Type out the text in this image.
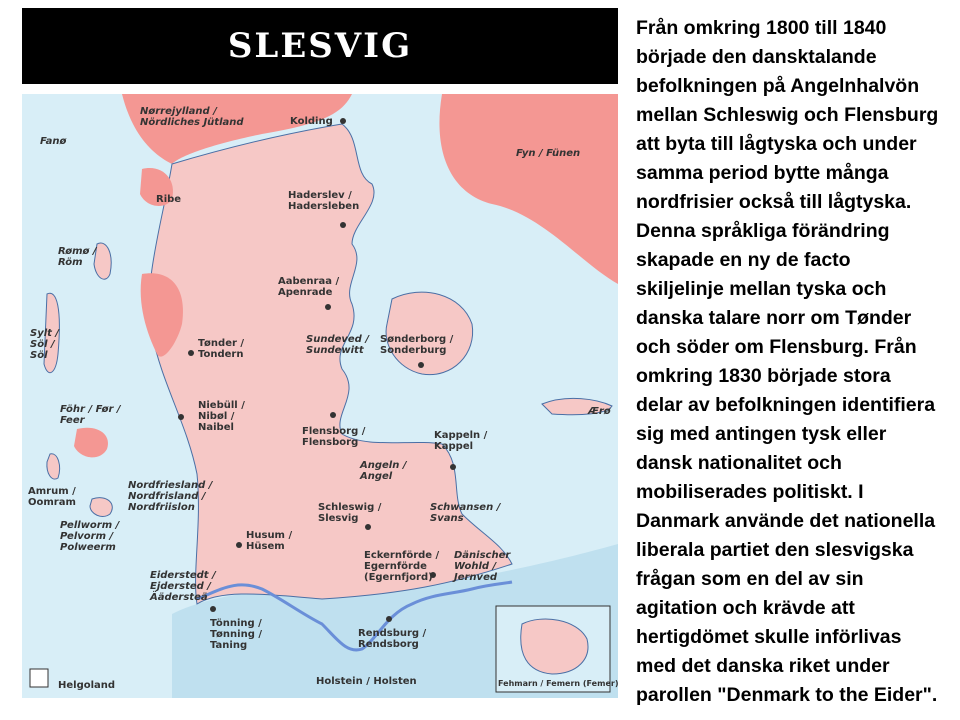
SLESVIG
Nørrejylland /
Nördliches Jütland	Kolding
Fanø
Fyn / Fünen
Ribe	Haderslev /
Hadersleben
Rømø /
Röm
Aabenraa /
Apenrade
Sylt /
Söl /
Söl
Sundeved /
Sundewitt
Sønderborg /
Sonderburg
Tønder /
Tondern
Niebüll /
Nibøl /
Naibel
Ærø
Föhr / Før /
Feer
Flensborg /
Flensborg
Kappeln /
Kappel
Angeln /
Angel
Amrum /
Oomram
Nordfriesland /
Nordfrisland /
Nordfriislon	Schleswig /
Slesvig
Schwansen /
Svans
Pellworm /
Pelvorm /
Polweerm
Husum /
Hüsem
Eckernförde /
Egernförde
(Egernfjord)
Dänischer
Wohld /
Jernved
Eiderstedt /
Ejdersted /
Äädersteä
Tönning /
Tønning /
Taning
Rendsburg /
Rendsborg
Helgoland	Holstein / Holsten	Fehmarn / Femern (Femer)
Från omkring 1800 till 1840
började den dansktalande
befolkningen på Angelnhalvön
mellan Schleswig och Flensburg
att byta till lågtyska och under
samma period bytte många
nordfrisier också till lågtyska.
Denna språkliga förändring
skapade en ny de facto
skiljelinje mellan tyska och
danska talare norr om Tønder
och söder om Flensburg. Från
omkring 1830 började stora
delar av befolkningen identifiera
sig med antingen tysk eller
dansk nationalitet och
mobiliserades politiskt. I
Danmark använde det nationella
liberala partiet den slesvigska
frågan som en del av sin
agitation och krävde att
hertigdömet skulle införlivas
med det danska riket under
parollen "Denmark to the Eider".
